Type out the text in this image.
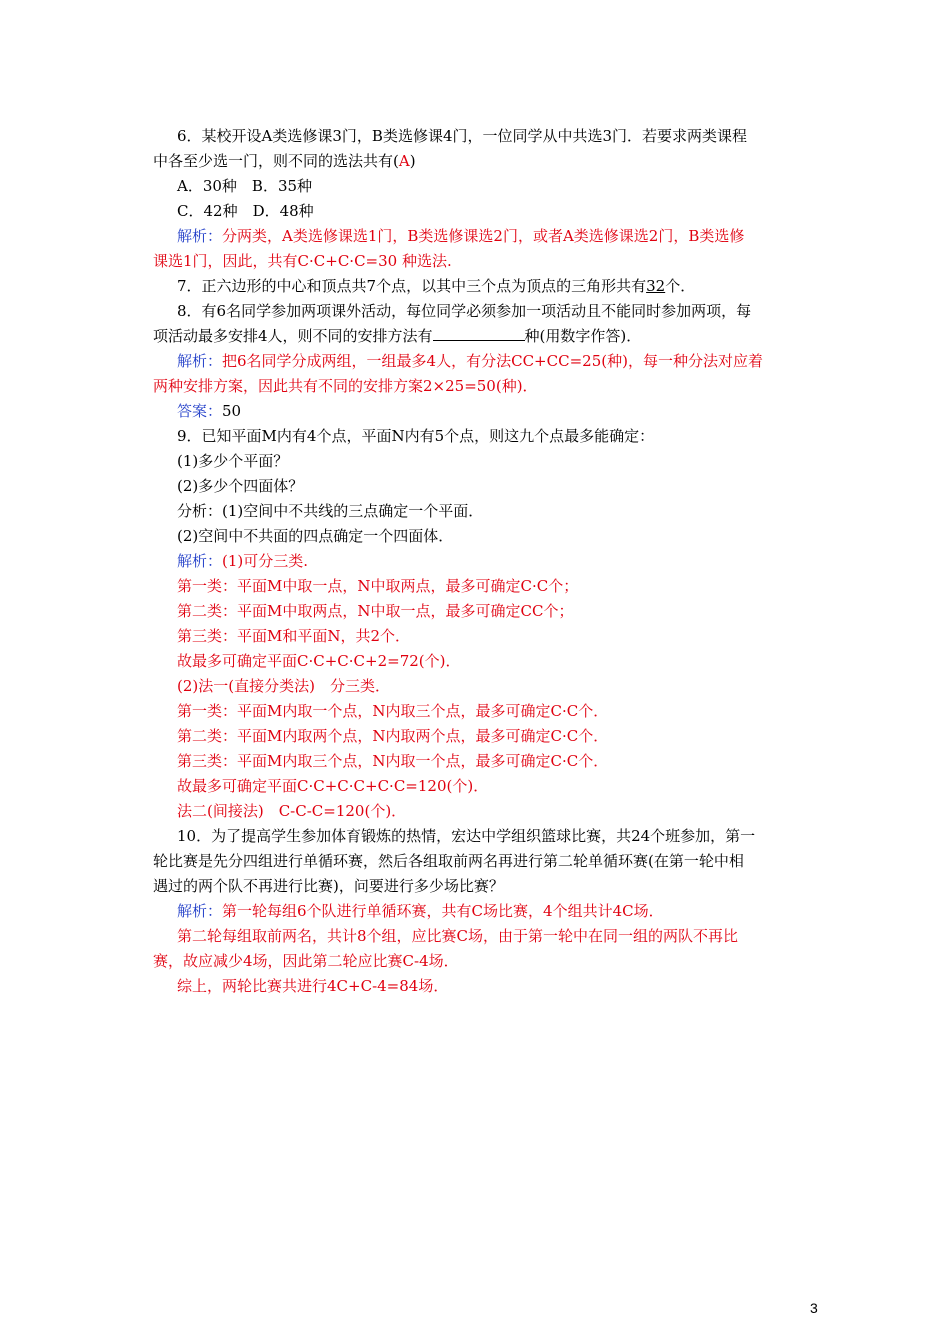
6．某校开设A类选修课3门，B类选修课4门，一位同学从中共选3门．若要求两类课程

中各至少选一门，则不同的选法共有(A)

A．30种　B．35种

C．42种　D．48种

解析：分两类，A类选修课选1门，B类选修课选2门，或者A类选修课选2门，B类选修

课选1门，因此，共有C·C+C·C=30 种选法.

7．正六边形的中心和顶点共7个点，以其中三个点为顶点的三角形共有32个．

8．有6名同学参加两项课外活动，每位同学必须参加一项活动且不能同时参加两项，每

项活动最多安排4人，则不同的安排方法有	种(用数字作答)．

解析：把6名同学分成两组，一组最多4人，有分法CC+CC=25(种)，每一种分法对应着

两种安排方案，因此共有不同的安排方案2×25=50(种)．

答案：50

9．已知平面M内有4个点，平面N内有5个点，则这九个点最多能确定：

(1)多少个平面？

(2)多少个四面体？

分析：(1)空间中不共线的三点确定一个平面．

(2)空间中不共面的四点确定一个四面体．

解析：(1)可分三类.

第一类：平面M中取一点，N中取两点，最多可确定C·C个；

第二类：平面M中取两点，N中取一点，最多可确定CC个；

第三类：平面M和平面N，共2个．

故最多可确定平面C·C+C·C+2=72(个)．

(2)法一(直接分类法)　分三类．

第一类：平面M内取一个点，N内取三个点，最多可确定C·C个．

第二类：平面M内取两个点，N内取两个点，最多可确定C·C个．

第三类：平面M内取三个点，N内取一个点，最多可确定C·C个．

故最多可确定平面C·C+C·C+C·C=120(个)．

法二(间接法)　C-C-C=120(个)．

10．为了提高学生参加体育锻炼的热情，宏达中学组织篮球比赛，共24个班参加，第一

轮比赛是先分四组进行单循环赛，然后各组取前两名再进行第二轮单循环赛(在第一轮中相

遇过的两个队不再进行比赛)，问要进行多少场比赛？

解析：第一轮每组6个队进行单循环赛，共有C场比赛，4个组共计4C场．

第二轮每组取前两名，共计8个组，应比赛C场，由于第一轮中在同一组的两队不再比

赛，故应减少4场，因此第二轮应比赛C-4场．

综上，两轮比赛共进行4C+C-4=84场．

3
